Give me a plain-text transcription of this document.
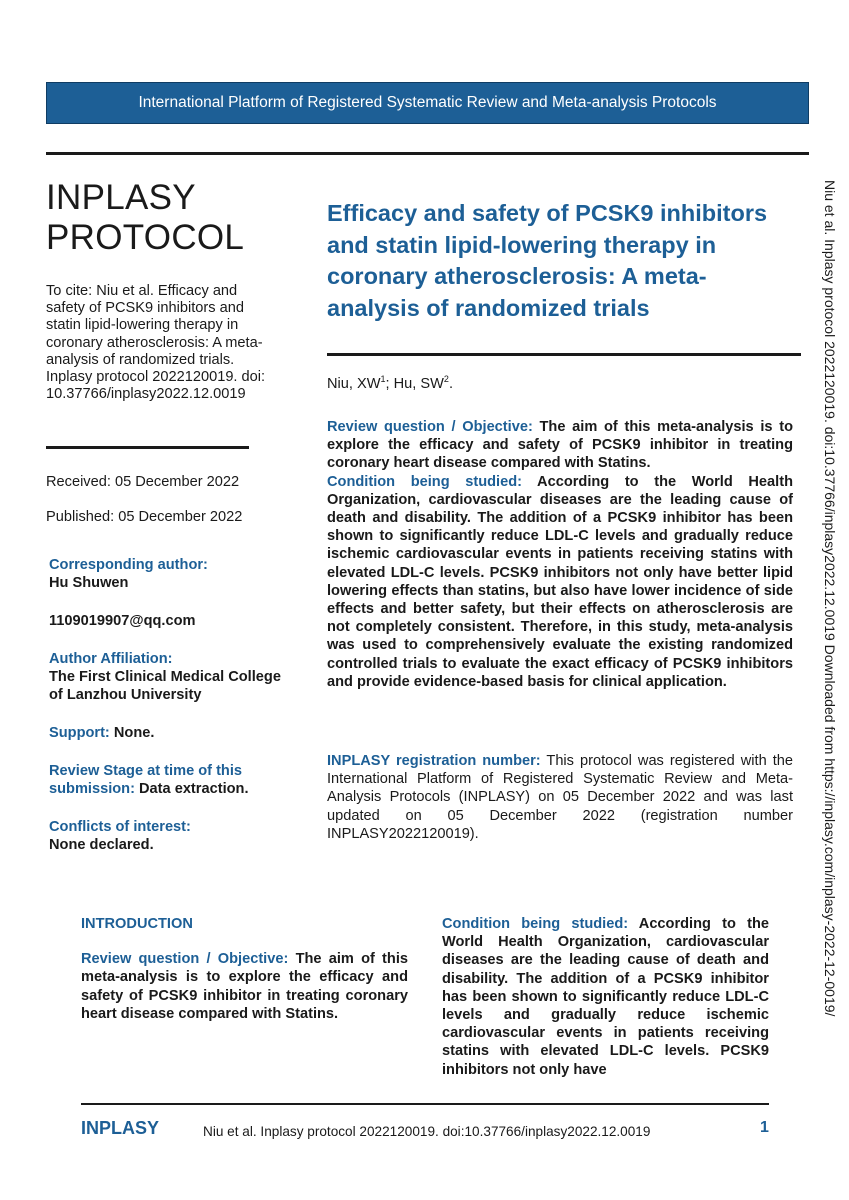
International Platform of Registered Systematic Review and Meta-analysis Protocols
INPLASY
PROTOCOL
To cite: Niu et al. Efficacy and safety of PCSK9 inhibitors and statin lipid-lowering therapy in coronary atherosclerosis: A meta-analysis of randomized trials. Inplasy protocol 2022120019. doi: 10.37766/inplasy2022.12.0019
Received: 05 December 2022
Published: 05 December 2022
Corresponding author:
Hu Shuwen
1109019907@qq.com
Author Affiliation:
The First Clinical Medical College of Lanzhou University
Support: None.
Review Stage at time of this submission: Data extraction.
Conflicts of interest:
None declared.
Efficacy and safety of PCSK9 inhibitors and statin lipid-lowering therapy in coronary atherosclerosis: A meta-analysis of randomized trials
Niu, $XW^1$; Hu, $SW^2$.
Review question / Objective: The aim of this meta-analysis is to explore the efficacy and safety of PCSK9 inhibitor in treating coronary heart disease compared with Statins.
Condition being studied: According to the World Health Organization, cardiovascular diseases are the leading cause of death and disability. The addition of a PCSK9 inhibitor has been shown to significantly reduce LDL-C levels and gradually reduce ischemic cardiovascular events in patients receiving statins with elevated LDL-C levels. PCSK9 inhibitors not only have better lipid lowering effects than statins, but also have lower incidence of side effects and better safety, but their effects on atherosclerosis are not completely consistent. Therefore, in this study, meta-analysis was used to comprehensively evaluate the existing randomized controlled trials to evaluate the exact efficacy of PCSK9 inhibitors and provide evidence-based basis for clinical application.
INPLASY registration number: This protocol was registered with the International Platform of Registered Systematic Review and Meta-Analysis Protocols (INPLASY) on 05 December 2022 and was last updated on 05 December 2022 (registration number INPLASY2022120019).
INTRODUCTION
Review question / Objective: The aim of this meta-analysis is to explore the efficacy and safety of PCSK9 inhibitor in treating coronary heart disease compared with Statins.
Condition being studied: According to the World Health Organization, cardiovascular diseases are the leading cause of death and disability. The addition of a PCSK9 inhibitor has been shown to significantly reduce LDL-C levels and gradually reduce ischemic cardiovascular events in patients receiving statins with elevated LDL-C levels. PCSK9 inhibitors not only have
INPLASY	Niu et al. Inplasy protocol 2022120019. doi:10.37766/inplasy2022.12.0019	1
Niu et al. Inplasy protocol 2022120019. doi:10.37766/inplasy2022.12.0019 Downloaded from https://inplasy.com/inplasy-2022-12-0019/
